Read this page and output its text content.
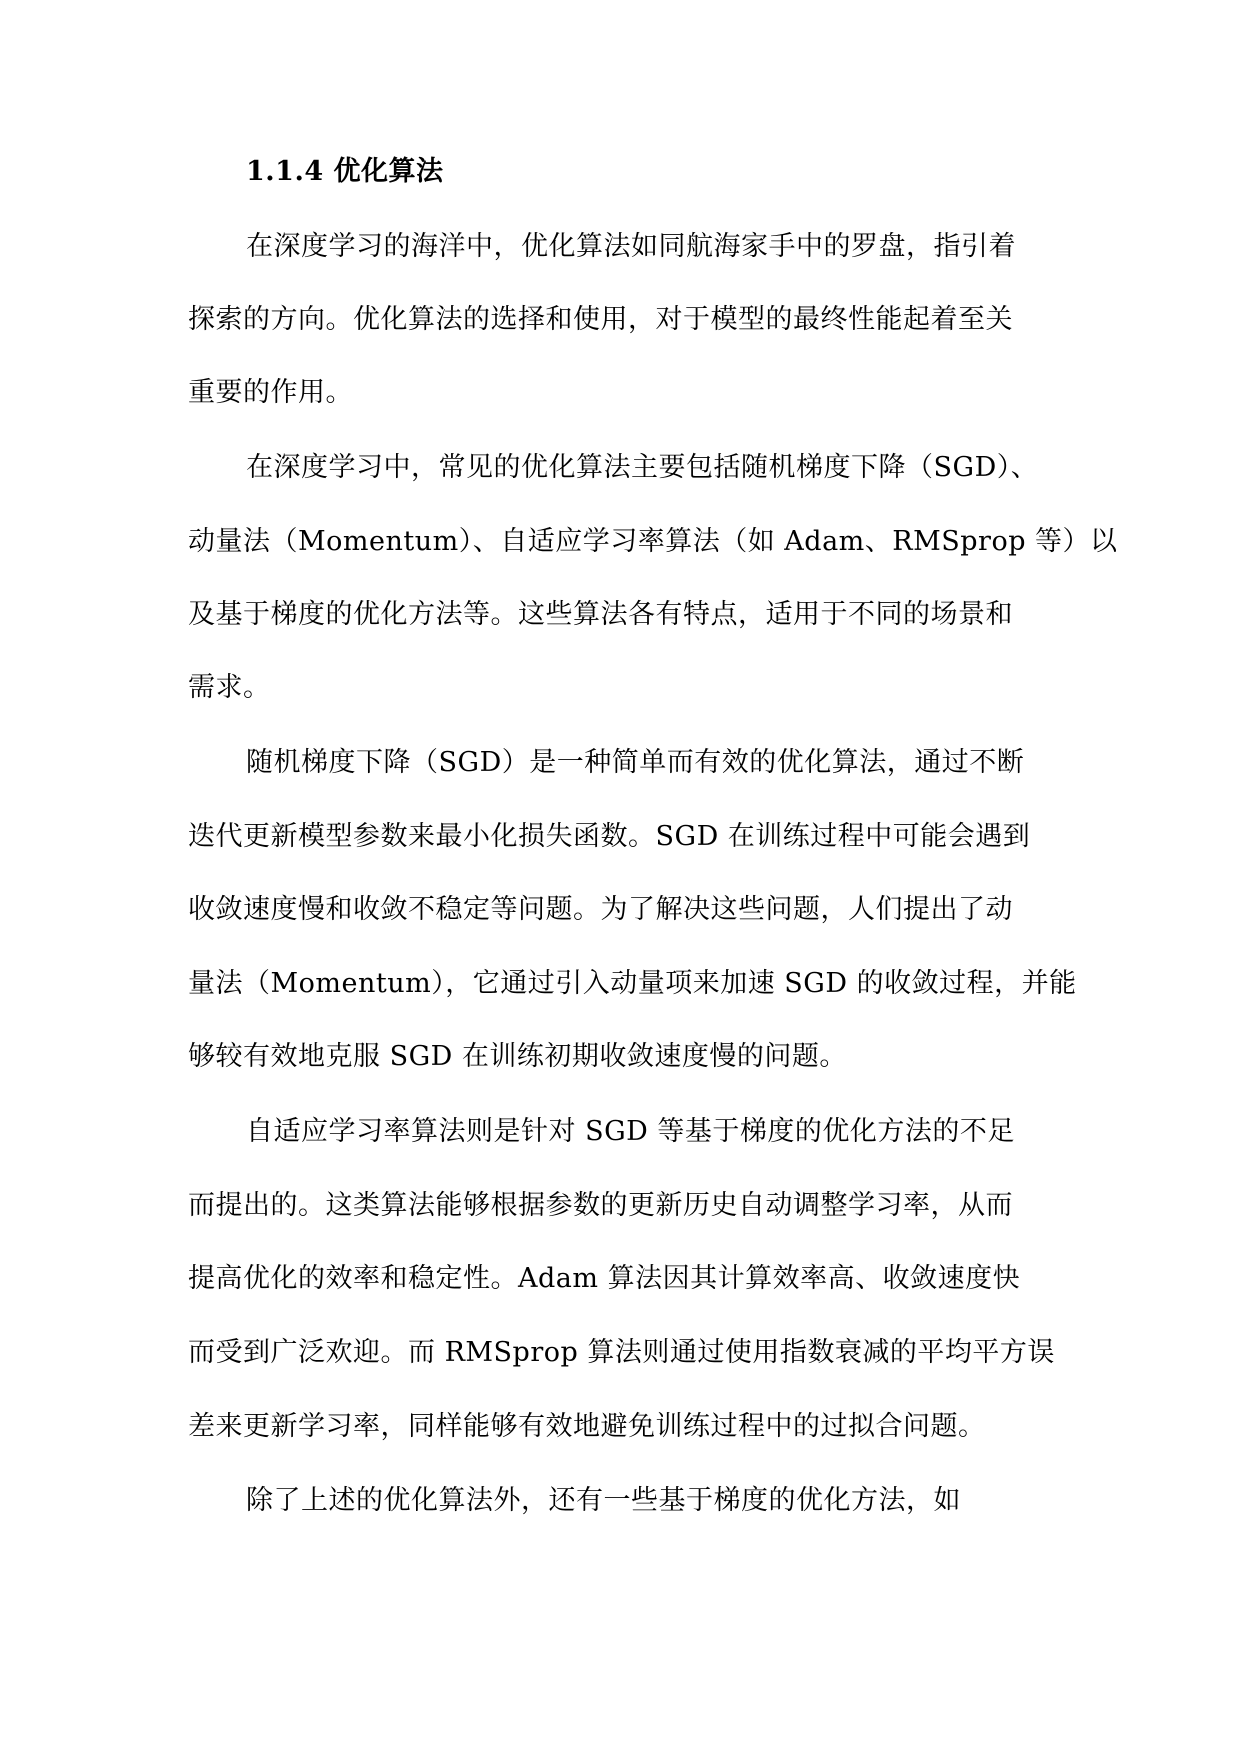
1.1.4 优化算法
在深度学习的海洋中，优化算法如同航海家手中的罗盘，指引着
探索的方向。优化算法的选择和使用，对于模型的最终性能起着至关
重要的作用。
在深度学习中，常见的优化算法主要包括随机梯度下降（SGD）、
动量法（Momentum）、自适应学习率算法（如 Adam、RMSprop 等）以
及基于梯度的优化方法等。这些算法各有特点，适用于不同的场景和
需求。
随机梯度下降（SGD）是一种简单而有效的优化算法，通过不断
迭代更新模型参数来最小化损失函数。SGD 在训练过程中可能会遇到
收敛速度慢和收敛不稳定等问题。为了解决这些问题，人们提出了动
量法（Momentum），它通过引入动量项来加速 SGD 的收敛过程，并能
够较有效地克服 SGD 在训练初期收敛速度慢的问题。
自适应学习率算法则是针对 SGD 等基于梯度的优化方法的不足
而提出的。这类算法能够根据参数的更新历史自动调整学习率，从而
提高优化的效率和稳定性。Adam 算法因其计算效率高、收敛速度快
而受到广泛欢迎。而 RMSprop 算法则通过使用指数衰减的平均平方误
差来更新学习率，同样能够有效地避免训练过程中的过拟合问题。
除了上述的优化算法外，还有一些基于梯度的优化方法，如
